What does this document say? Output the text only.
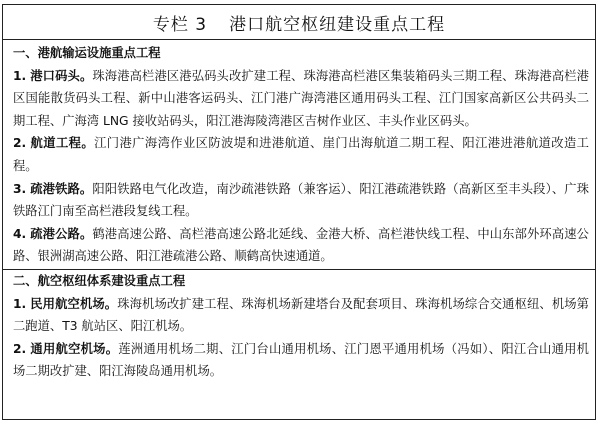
专栏 3 港口航空枢纽建设重点工程

一、港航输运设施重点工程

1. 港口码头。珠海港高栏港区港弘码头改扩建工程、珠海港高栏港区集装箱码头三期工程、珠海港高栏港区国能散货码头工程、新中山港客运码头、江门港广海湾港区通用码头工程、江门国家高新区公共码头二期工程、广海湾 LNG 接收站码头，阳江港海陵湾港区吉树作业区、丰头作业区码头。

2. 航道工程。江门港广海湾作业区防波堤和进港航道、崖门出海航道二期工程、阳江港进港航道改造工程。

3. 疏港铁路。阳阳铁路电气化改造，南沙疏港铁路（兼客运）、阳江港疏港铁路（高新区至丰头段）、广珠铁路江门南至高栏港段复线工程。

4. 疏港公路。鹤港高速公路、高栏港高速公路北延线、金港大桥、高栏港快线工程、中山东部外环高速公路、银洲湖高速公路、阳江港疏港公路、顺鹤高快速通道。

二、航空枢纽体系建设重点工程

1. 民用航空机场。珠海机场改扩建工程、珠海机场新建塔台及配套项目、珠海机场综合交通枢纽、机场第二跑道、T3 航站区、阳江机场。

2. 通用航空机场。莲洲通用机场二期、江门台山通用机场、江门恩平通用机场（冯如）、阳江合山通用机场二期改扩建、阳江海陵岛通用机场。
